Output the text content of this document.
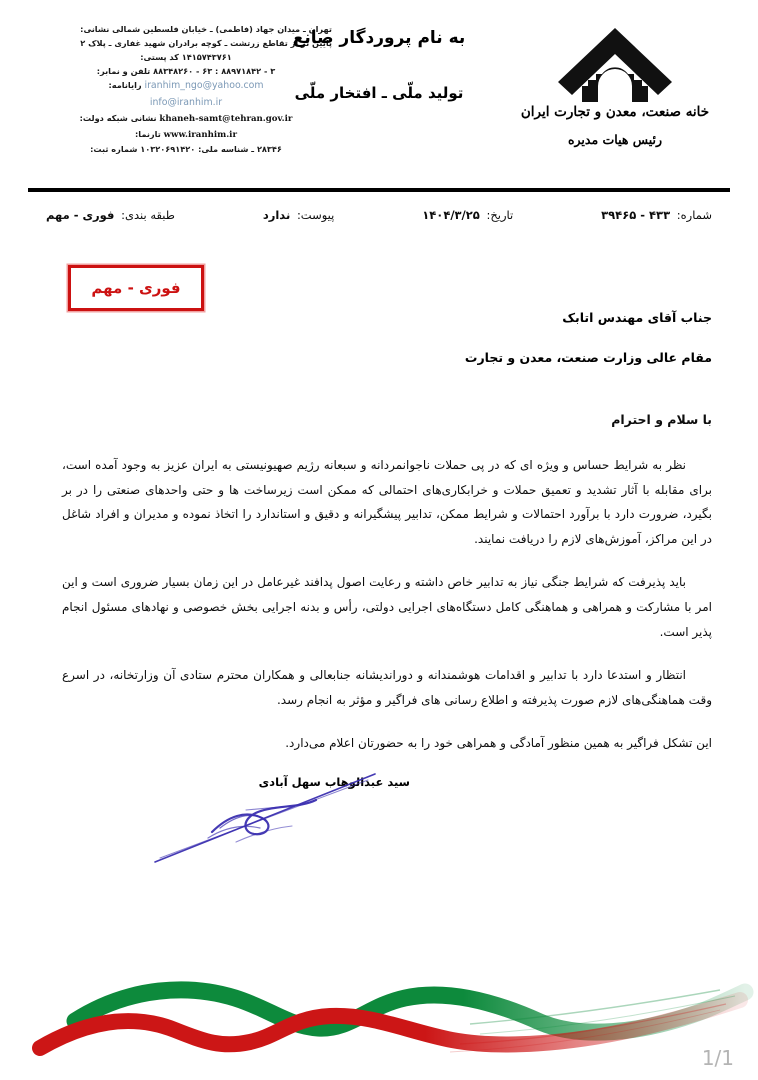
تهران ـ میدان جهاد (فاطمی) ـ خیابان فلسطین شمالی نشانی:
پایین تر از تقاطع زرتشت ـ کوچه برادران شهید غفاری ـ پلاک ۲
۱۴۱۵۷۴۳۷۶۱ کد پستی:
۳ - ۸۸۹۷۱۸۴۲ : ۶۳ - ۸۸۳۴۸۲۶۰ تلفن و نمابر:
iranhim_ngo@yahoo.com رایانامه:
info@iranhim.ir
khaneh-samt@tehran.gov.ir نشانی شبکه دولت:
www.iranhim.ir تارنما:
۲۸۳۴۶ ـ شناسه ملی: ۱۰۳۲۰۶۹۱۴۲۰ شماره ثبت:
به نام پروردگار صانع
تولید ملّی ـ افتخار ملّی
خانه صنعت، معدن و تجارت ایران
رئیس هیات مدیره
شماره: ۴۳۳ - ۳۹۴۶۵
تاریخ: ۱۴۰۴/۳/۲۵
پیوست: ندارد
طبقه بندی: فوری - مهم
فوری - مهم
جناب آقای مهندس اتابک
مقام عالی وزارت صنعت، معدن و تجارت
با سلام و احترام

نظر به شرایط حساس و ویژه ای که در پی حملات ناجوانمردانه و سبعانه رژیم صهیونیستی به ایران عزیز به وجود آمده است، برای مقابله با آثار تشدید و تعمیق حملات و خرابکاری‌های احتمالی که ممکن است زیرساخت ها و حتی واحدهای صنعتی را در بر بگیرد، ضرورت دارد با برآورد احتمالات و شرایط ممکن، تدابیر پیشگیرانه و دقیق و استاندارد را اتخاذ نموده و مدیران و افراد شاغل در این مراکز، آموزش‌های لازم را دریافت نمایند.

باید پذیرفت که شرایط جنگی نیاز به تدابیر خاص داشته و رعایت اصول پدافند غیرعامل در این زمان بسیار ضروری است و این امر با مشارکت و همراهی و هماهنگی کامل دستگاه‌های اجرایی دولتی، رأس و بدنه اجرایی بخش خصوصی و نهادهای مسئول انجام پذیر است.

انتظار و استدعا دارد با تدابیر و اقدامات هوشمندانه و دوراندیشانه جنابعالی و همکاران محترم ستادی آن وزارتخانه، در اسرع وقت هماهنگی‌های لازم صورت پذیرفته و اطلاع رسانی های فراگیر و مؤثر به انجام رسد.

این تشکل فراگیر به همین منظور آمادگی و همراهی خود را به حضورتان اعلام می‌دارد.

سید عبدالوهاب سهل آبادی
1/1
